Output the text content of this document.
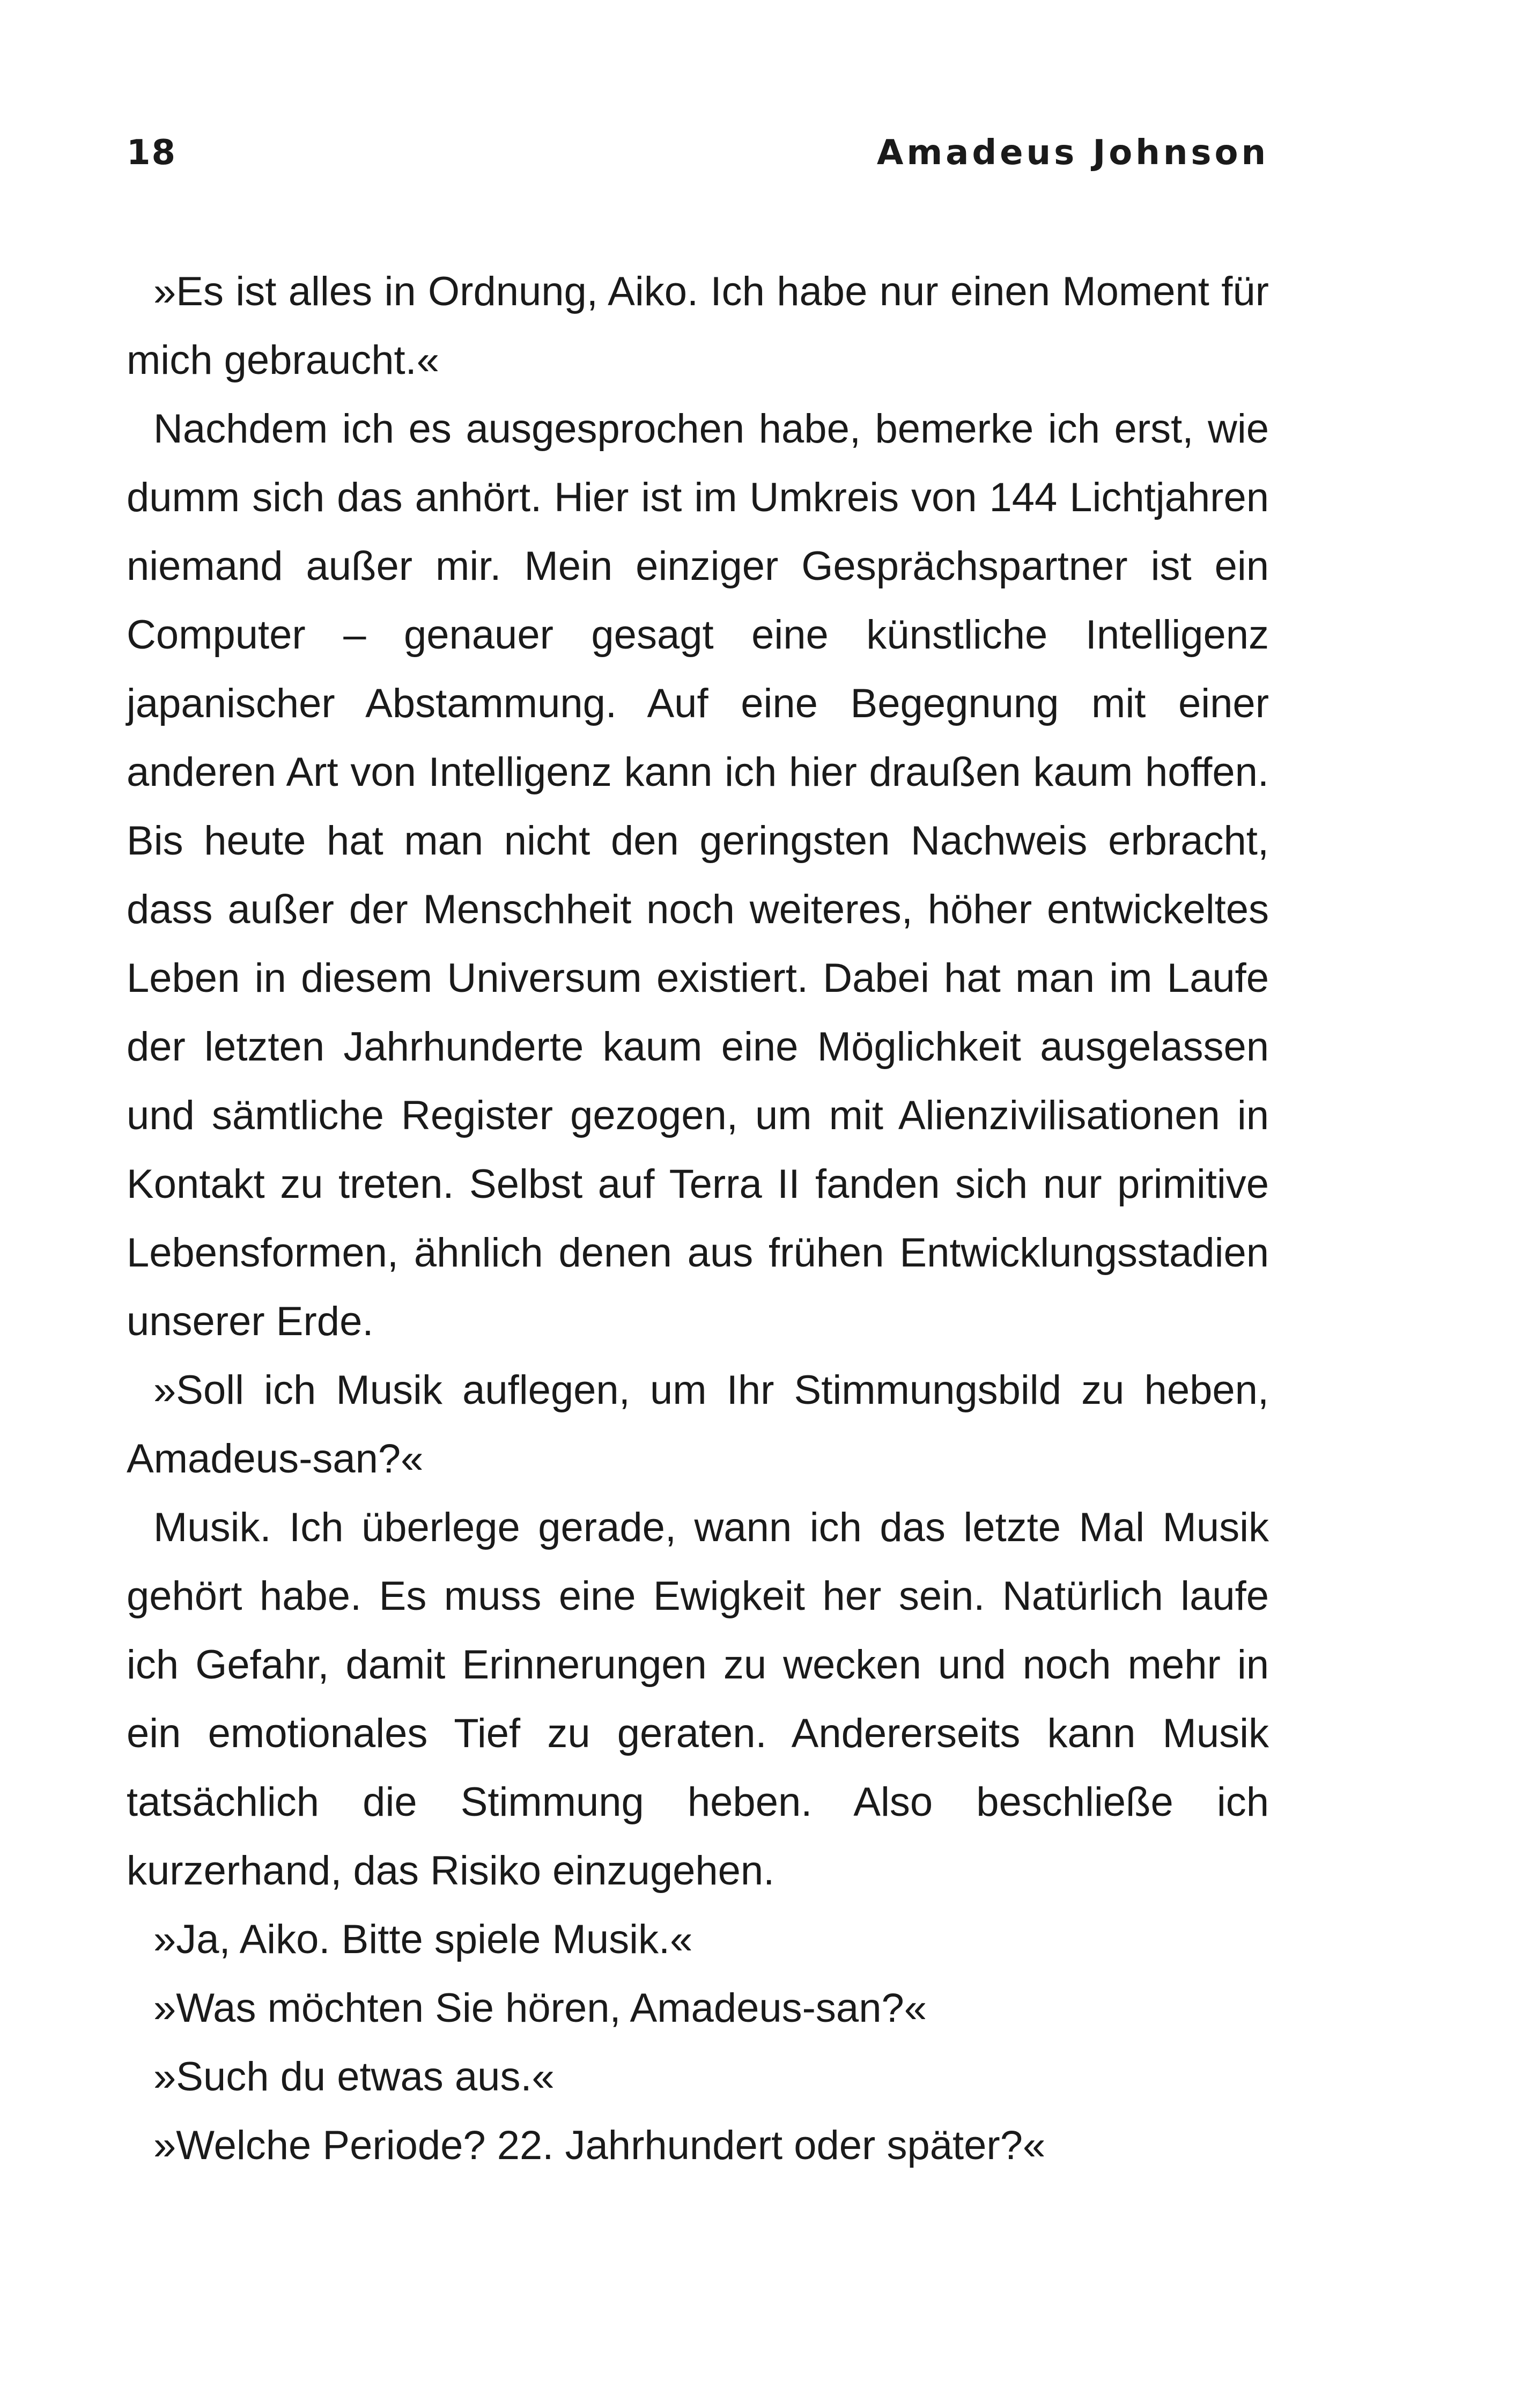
18	Amadeus Johnson

»Es ist alles in Ordnung, Aiko. Ich habe nur einen Moment für mich gebraucht.«

Nachdem ich es ausgesprochen habe, bemerke ich erst, wie dumm sich das anhört. Hier ist im Umkreis von 144 Lichtjahren niemand außer mir. Mein einziger Gesprächspartner ist ein Computer – genauer gesagt eine künstliche Intelligenz japanischer Abstammung. Auf eine Begegnung mit einer anderen Art von Intelligenz kann ich hier draußen kaum hoffen. Bis heute hat man nicht den geringsten Nachweis erbracht, dass außer der Menschheit noch weiteres, höher entwickeltes Leben in diesem Universum existiert. Dabei hat man im Laufe der letzten Jahrhunderte kaum eine Möglichkeit ausgelassen und sämtliche Register gezogen, um mit Alienzivilisationen in Kontakt zu treten. Selbst auf Terra II fanden sich nur primitive Lebensformen, ähnlich denen aus frühen Entwicklungsstadien unserer Erde.

»Soll ich Musik auflegen, um Ihr Stimmungsbild zu heben, Amadeus-san?«

Musik. Ich überlege gerade, wann ich das letzte Mal Musik gehört habe. Es muss eine Ewigkeit her sein. Natürlich laufe ich Gefahr, damit Erinnerungen zu wecken und noch mehr in ein emotionales Tief zu geraten. Andererseits kann Musik tatsächlich die Stimmung heben. Also beschließe ich kurzerhand, das Risiko einzugehen.

»Ja, Aiko. Bitte spiele Musik.«

»Was möchten Sie hören, Amadeus-san?«

»Such du etwas aus.«

»Welche Periode? 22. Jahrhundert oder später?«
